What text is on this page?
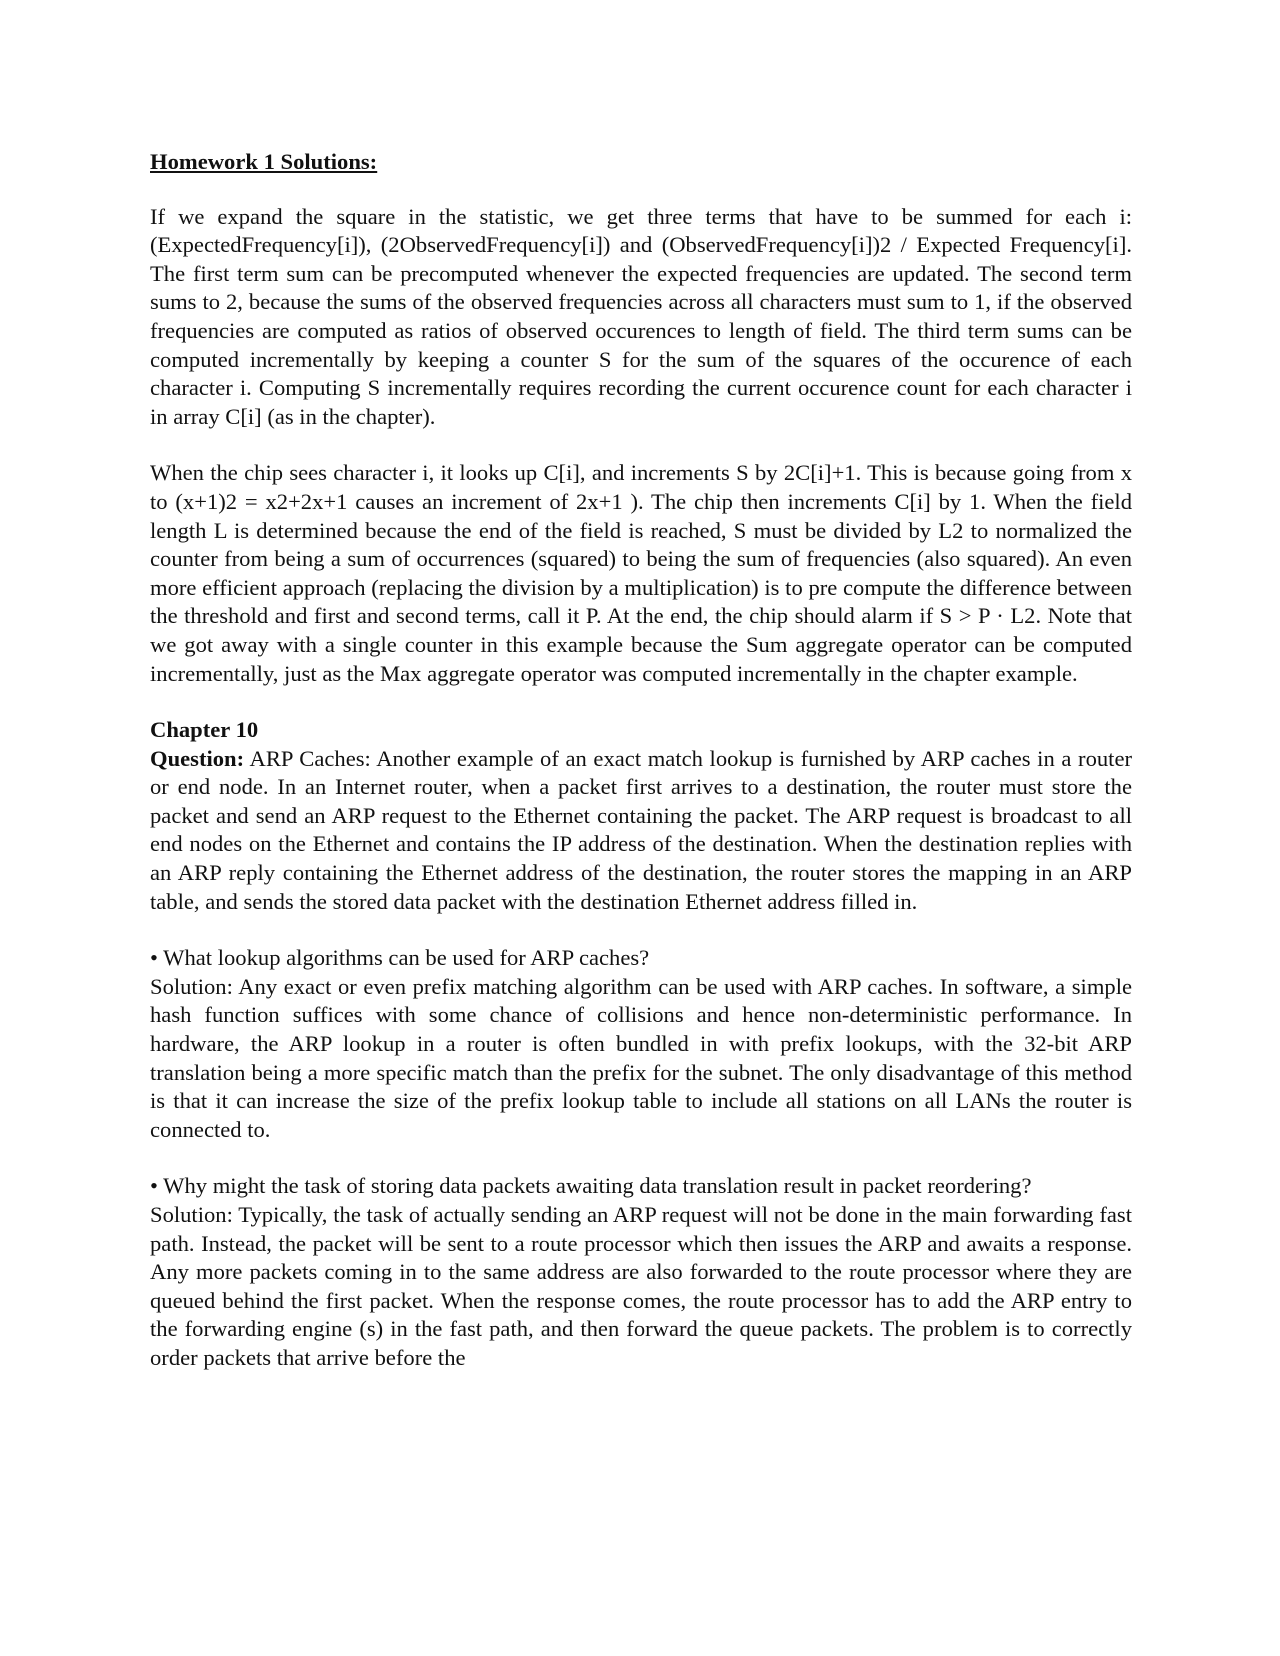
Homework 1 Solutions:

If we expand the square in the statistic, we get three terms that have to be summed for each i: (ExpectedFrequency[i]), (2ObservedFrequency[i]) and (ObservedFrequency[i])2 / Expected Frequency[i]. The first term sum can be precomputed whenever the expected frequencies are updated. The second term sums to 2, because the sums of the observed frequencies across all characters must sum to 1, if the observed frequencies are computed as ratios of observed occurences to length of field. The third term sums can be computed incrementally by keeping a counter S for the sum of the squares of the occurence of each character i. Computing S incrementally requires recording the current occurence count for each character i in array C[i] (as in the chapter).

When the chip sees character i, it looks up C[i], and increments S by 2C[i]+1. This is because going from x to (x+1)2 = x2+2x+1 causes an increment of 2x+1 ). The chip then increments C[i] by 1. When the field length L is determined because the end of the field is reached, S must be divided by L2 to normalized the counter from being a sum of occurrences (squared) to being the sum of frequencies (also squared). An even more efficient approach (replacing the division by a multiplication) is to pre compute the difference between the threshold and first and second terms, call it P. At the end, the chip should alarm if S > P · L2. Note that we got away with a single counter in this example because the Sum aggregate operator can be computed incrementally, just as the Max aggregate operator was computed incrementally in the chapter example.

Chapter 10

Question: ARP Caches: Another example of an exact match lookup is furnished by ARP caches in a router or end node. In an Internet router, when a packet first arrives to a destination, the router must store the packet and send an ARP request to the Ethernet containing the packet. The ARP request is broadcast to all end nodes on the Ethernet and contains the IP address of the destination. When the destination replies with an ARP reply containing the Ethernet address of the destination, the router stores the mapping in an ARP table, and sends the stored data packet with the destination Ethernet address filled in.

• What lookup algorithms can be used for ARP caches?

Solution: Any exact or even prefix matching algorithm can be used with ARP caches. In software, a simple hash function suffices with some chance of collisions and hence non-deterministic performance. In hardware, the ARP lookup in a router is often bundled in with prefix lookups, with the 32-bit ARP translation being a more specific match than the prefix for the subnet. The only disadvantage of this method is that it can increase the size of the prefix lookup table to include all stations on all LANs the router is connected to.

• Why might the task of storing data packets awaiting data translation result in packet reordering?

Solution: Typically, the task of actually sending an ARP request will not be done in the main forwarding fast path. Instead, the packet will be sent to a route processor which then issues the ARP and awaits a response. Any more packets coming in to the same address are also forwarded to the route processor where they are queued behind the first packet. When the response comes, the route processor has to add the ARP entry to the forwarding engine (s) in the fast path, and then forward the queue packets. The problem is to correctly order packets that arrive before the
